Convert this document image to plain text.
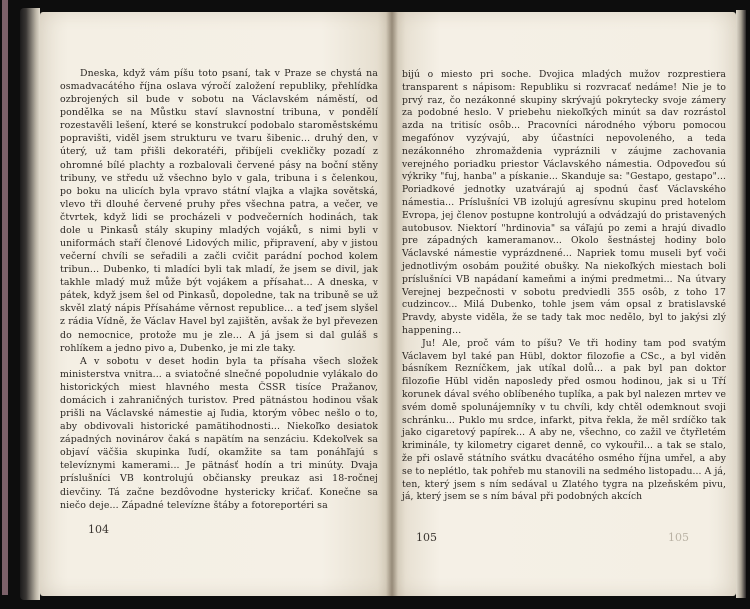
Dneska, když vám píšu toto psaní, tak v Praze se chystá na osmadvacátého října oslava výročí založení republiky, přehlídka ozbrojených sil bude v sobotu na Václavském náměstí, od pondělka se na Můstku staví slavnostní tribuna, v pondělí rozestavěli lešení, které se konstrukcí podobalo staroměstskému popravišti, viděl jsem strukturu ve tvaru šibenic... druhý den, v úterý, už tam přišli dekoratéři, přibíjeli cvekličky pozadí z ohromné bílé plachty a rozbalovali červené pásy na boční stěny tribuny, ve středu už všechno bylo v gala, tribuna i s čelenkou, po boku na ulicích byla vpravo státní vlajka a vlajka sovětská, vlevo tři dlouhé červené pruhy přes všechna patra, a večer, ve čtvrtek, když lidi se procházeli v podvečerních hodinách, tak dole u Pinkasů stály skupiny mladých vojáků, s nimi byli v uniformách staří členové Lidových milic, připravení, aby v jistou večerní chvíli se seřadili a začli cvičit parádní pochod kolem tribun... Dubenko, ti mladíci byli tak mladí, že jsem se divil, jak takhle mladý muž může být vojákem a přísahat... A dneska, v pátek, když jsem šel od Pinkasů, dopoledne, tak na tribuně se už skvěl zlatý nápis Přísaháme věrnost republice... a teď jsem slyšel z rádia Vídně, že Václav Havel byl zajištěn, avšak že byl převezen do nemocnice, protože mu je zle... A já jsem si dal guláš s rohlíkem a jedno pivo a, Dubenko, je mi zle taky.

A v sobotu v deset hodin byla ta přísaha všech složek ministerstva vnitra... a sviatočné slnečné popoludnie vylákalo do historických miest hlavného mesta ČSSR tisíce Pražanov, domácich i zahraničných turistov. Pred pätnástou hodinou však prišli na Václavské námestie aj ľudia, ktorým vôbec nešlo o to, aby obdivovali historické pamätihodnosti... Niekoľko desiatok západných novinárov čaká s napätím na senzáciu. Kdekoľvek sa objaví väčšia skupinka ľudí, okamžite sa tam ponáhľajú s televíznymi kamerami... Je pätnásť hodín a tri minúty. Dvaja príslušníci VB kontrolujú občiansky preukaz asi 18-ročnej dievčiny. Tá začne bezdôvodne hystericky kričať. Konečne sa niečo deje... Západné televízne štáby a fotoreportéri sa

104

bijú o miesto pri soche. Dvojica mladých mužov rozprestiera transparent s nápisom: Republiku si rozvracať nedáme! Nie je to prvý raz, čo nezákonné skupiny skrývajú pokrytecky svoje zámery za podobné heslo. V priebehu niekoľkých minút sa dav rozrástol azda na tritisíc osôb... Pracovníci národného výboru pomocou megafónov vyzývajú, aby účastníci nepovoleného, a teda nezákonného zhromaždenia vypráznili v záujme zachovania verejného poriadku priestor Václavského námestia. Odpoveďou sú výkriky "fuj, hanba" a pískanie... Skanduje sa: "Gestapo, gestapo"... Poriadkové jednotky uzatvárajú aj spodnú časť Václavského námestia... Príslušníci VB izolujú agresívnu skupinu pred hotelom Evropa, jej členov postupne kontrolujú a odvádzajú do pristavených autobusov. Niektorí "hrdinovia" sa váľajú po zemi a hrajú divadlo pre západných kameramanov... Okolo šestnástej hodiny bolo Václavské námestie vyprázdnené... Napriek tomu museli byť voči jednotlivým osobám použité obušky. Na niekoľkých miestach boli príslušníci VB napádaní kameňmi a inými predmetmi... Na útvary Verejnej bezpečnosti v sobotu predviedli 355 osôb, z toho 17 cudzincov... Milá Dubenko, tohle jsem vám opsal z bratislavské Pravdy, abyste viděla, že se tady tak moc nedělo, byl to jakýsi zlý happening...

Ju! Ale, proč vám to píšu? Ve tři hodiny tam pod svatým Václavem byl také pan Hübl, doktor filozofie a CSc., a byl viděn básníkem Rezníčkem, jak utíkal dolů... a pak byl pan doktor filozofie Hübl viděn naposledy před osmou hodinou, jak si u Tří korunek dával svého oblíbeného tuplíka, a pak byl nalezen mrtev ve svém domě spolunájemníky v tu chvíli, kdy chtěl odemknout svoji schránku... Puklo mu srdce, infarkt, pitva řekla, že měl srdíčko tak jako cigaretový papírek... A aby ne, všechno, co zažil ve čtyřletém kriminále, ty kilometry cigaret denně, co vykouřil... a tak se stalo, že při oslavě státního svátku dvacátého osmého října umřel, a aby se to neplétlo, tak pohřeb mu stanovili na sedmého listopadu... A já, ten, který jsem s ním sedával u Zlatého tygra na plzeňském pivu, já, který jsem se s ním bával při podobných akcích

105	105
